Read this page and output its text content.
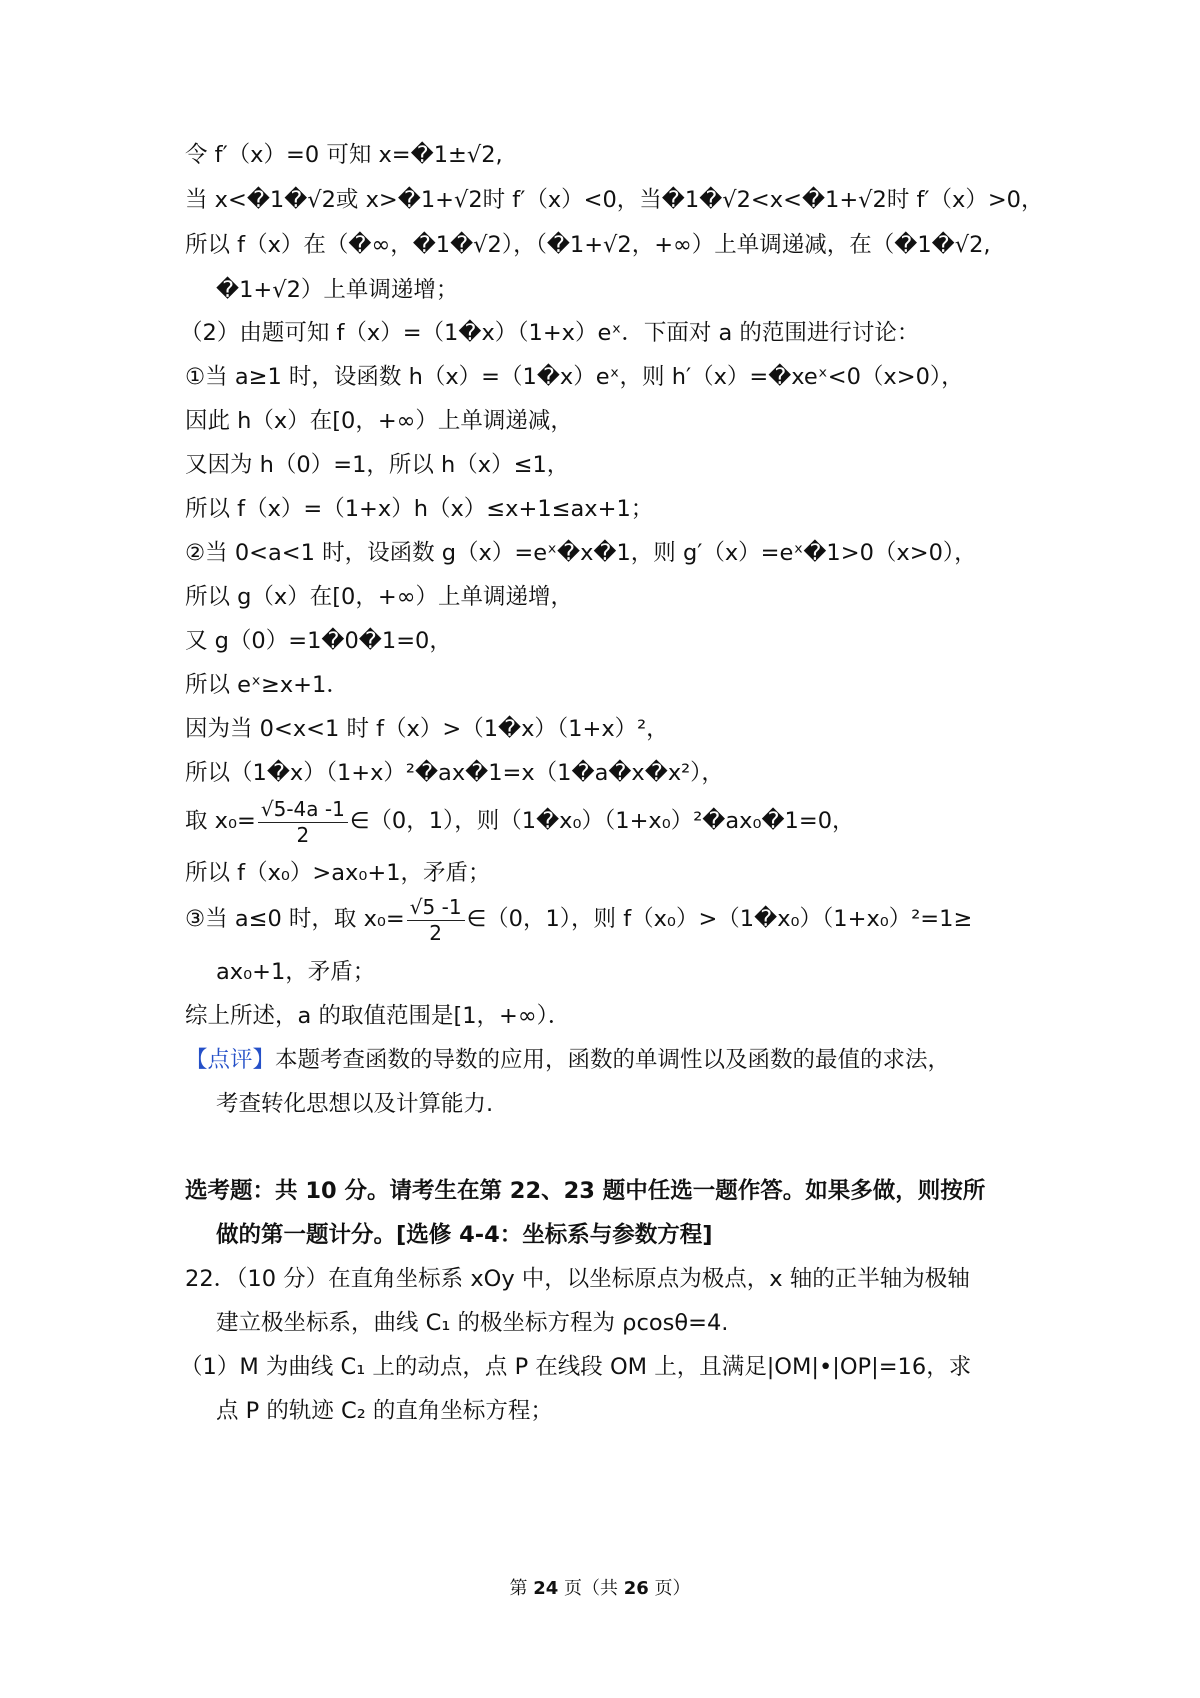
令 f′（x）=0 可知 x=�1±√2,
当 x<�1�√2或 x>�1+√2时 f′（x）<0，当�1�√2<x<�1+√2时 f′（x）>0，
所以 f（x）在（�∞，�1�√2），（�1+√2，+∞）上单调递减，在（�1�√2,
�1+√2）上单调递增；
（2）由题可知 f（x）=（1�x）（1+x）eˣ．下面对 a 的范围进行讨论：
①当 a≥1 时，设函数 h（x）=（1�x）eˣ，则 h′（x）=�xeˣ<0（x>0），
因此 h（x）在[0，+∞）上单调递减，
又因为 h（0）=1，所以 h（x）≤1，
所以 f（x）=（1+x）h（x）≤x+1≤ax+1；
②当 0<a<1 时，设函数 g（x）=eˣ�x�1，则 g′（x）=eˣ�1>0（x>0），
所以 g（x）在[0，+∞）上单调递增，
又 g（0）=1�0�1=0，
所以 eˣ≥x+1．
因为当 0<x<1 时 f（x）>（1�x）（1+x）²，
所以（1�x）（1+x）²�ax�1=x（1�a�x�x²），
取 $x_0= \frac{√5-4a -1}{2}$ ∈（0，1），则（1�x₀）（1+x₀）²�ax₀�1=0，
所以 f（x₀）>ax₀+1，矛盾；
③当 a≤0 时，取 $x_0= \frac{√5 -1}{2}$ ∈（0，1），则 f（x₀）>（1�x₀）（1+x₀）²=1≥
ax₀+1，矛盾；
综上所述，a 的取值范围是[1，+∞）．
【点评】本题考查函数的导数的应用，函数的单调性以及函数的最值的求法，
考查转化思想以及计算能力.
选考题：共 10 分。请考生在第 22、23 题中任选一题作答。如果多做，则按所
做的第一题计分。[选修 4-4：坐标系与参数方程]
22．（10 分）在直角坐标系 xOy 中，以坐标原点为极点，x 轴的正半轴为极轴
建立极坐标系，曲线 C₁ 的极坐标方程为 ρcosθ=4.
（1）M 为曲线 C₁ 上的动点，点 P 在线段 OM 上，且满足|OM|•|OP|=16，求
点 P 的轨迹 C₂ 的直角坐标方程；
第 24 页（共 26 页）
